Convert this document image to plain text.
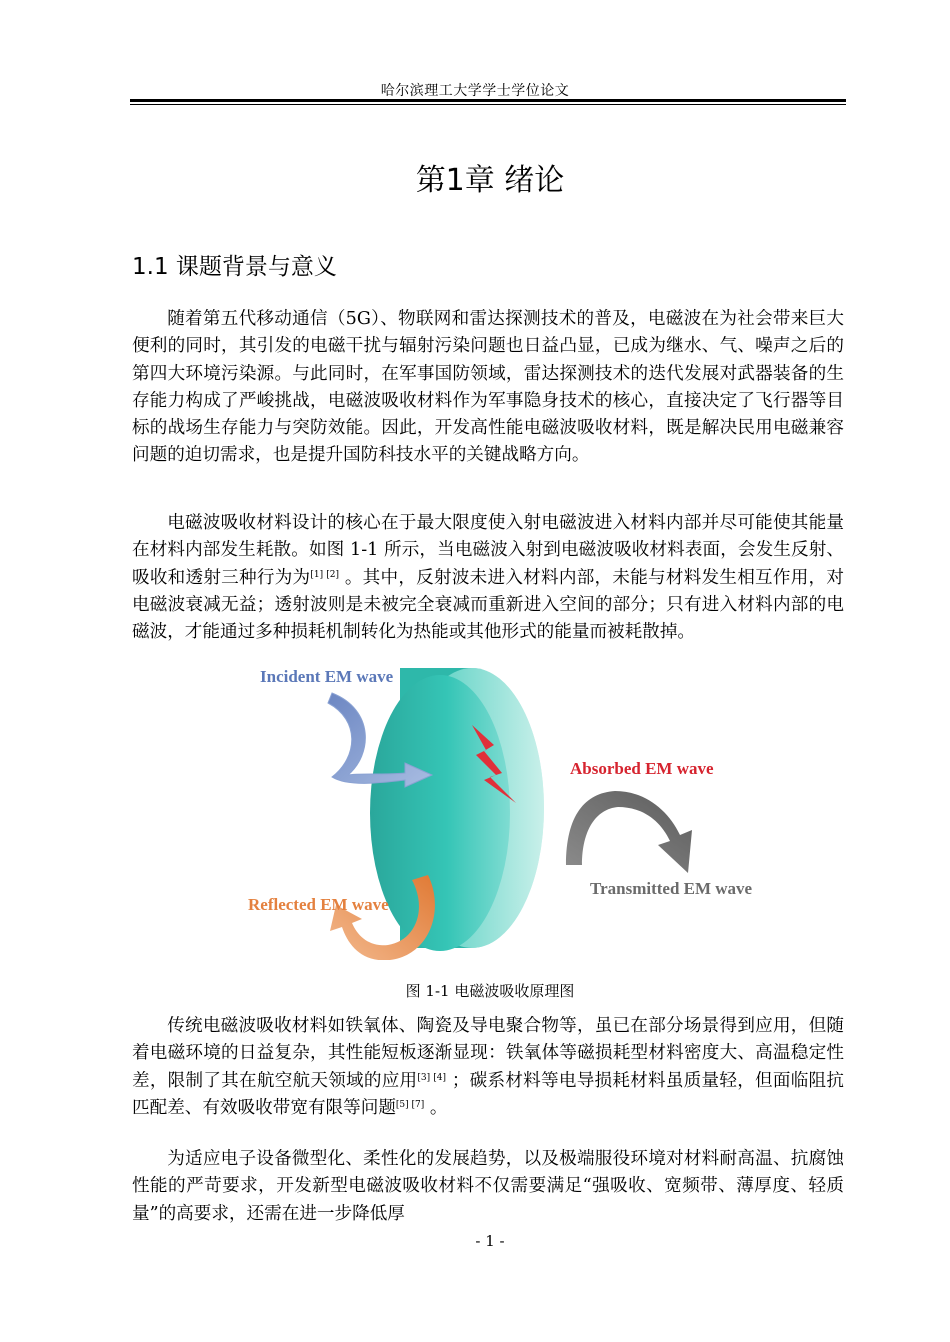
哈尔滨理工大学学士学位论文
第1章 绪论
1.1 课题背景与意义

随着第五代移动通信（5G）、物联网和雷达探测技术的普及，电磁波在为社会带来巨大便利的同时，其引发的电磁干扰与辐射污染问题也日益凸显，已成为继水、气、噪声之后的第四大环境污染源。与此同时，在军事国防领域，雷达探测技术的迭代发展对武器装备的生存能力构成了严峻挑战，电磁波吸收材料作为军事隐身技术的核心，直接决定了飞行器等目标的战场生存能力与突防效能。因此，开发高性能电磁波吸收材料，既是解决民用电磁兼容问题的迫切需求，也是提升国防科技水平的关键战略方向。

电磁波吸收材料设计的核心在于最大限度使入射电磁波进入材料内部并尽可能使其能量在材料内部发生耗散。如图 1-1 所示，当电磁波入射到电磁波吸收材料表面，会发生反射、吸收和透射三种行为为[1] [2] 。其中，反射波未进入材料内部，未能与材料发生相互作用，对电磁波衰减无益；透射波则是未被完全衰减而重新进入空间的部分；只有进入材料内部的电磁波，才能通过多种损耗机制转化为热能或其他形式的能量而被耗散掉。

Incident EM wave
Absorbed EM wave
Transmitted EM wave
Reflected EM wave
图 1-1 电磁波吸收原理图

传统电磁波吸收材料如铁氧体、陶瓷及导电聚合物等，虽已在部分场景得到应用，但随着电磁环境的日益复杂，其性能短板逐渐显现：铁氧体等磁损耗型材料密度大、高温稳定性差，限制了其在航空航天领域的应用[3] [4] ；碳系材料等电导损耗材料虽质量轻，但面临阻抗匹配差、有效吸收带宽有限等问题[5] [7] 。

为适应电子设备微型化、柔性化的发展趋势，以及极端服役环境对材料耐高温、抗腐蚀性能的严苛要求，开发新型电磁波吸收材料不仅需要满足“强吸收、宽频带、薄厚度、轻质量”的高要求，还需在进一步降低厚

- 1 -
